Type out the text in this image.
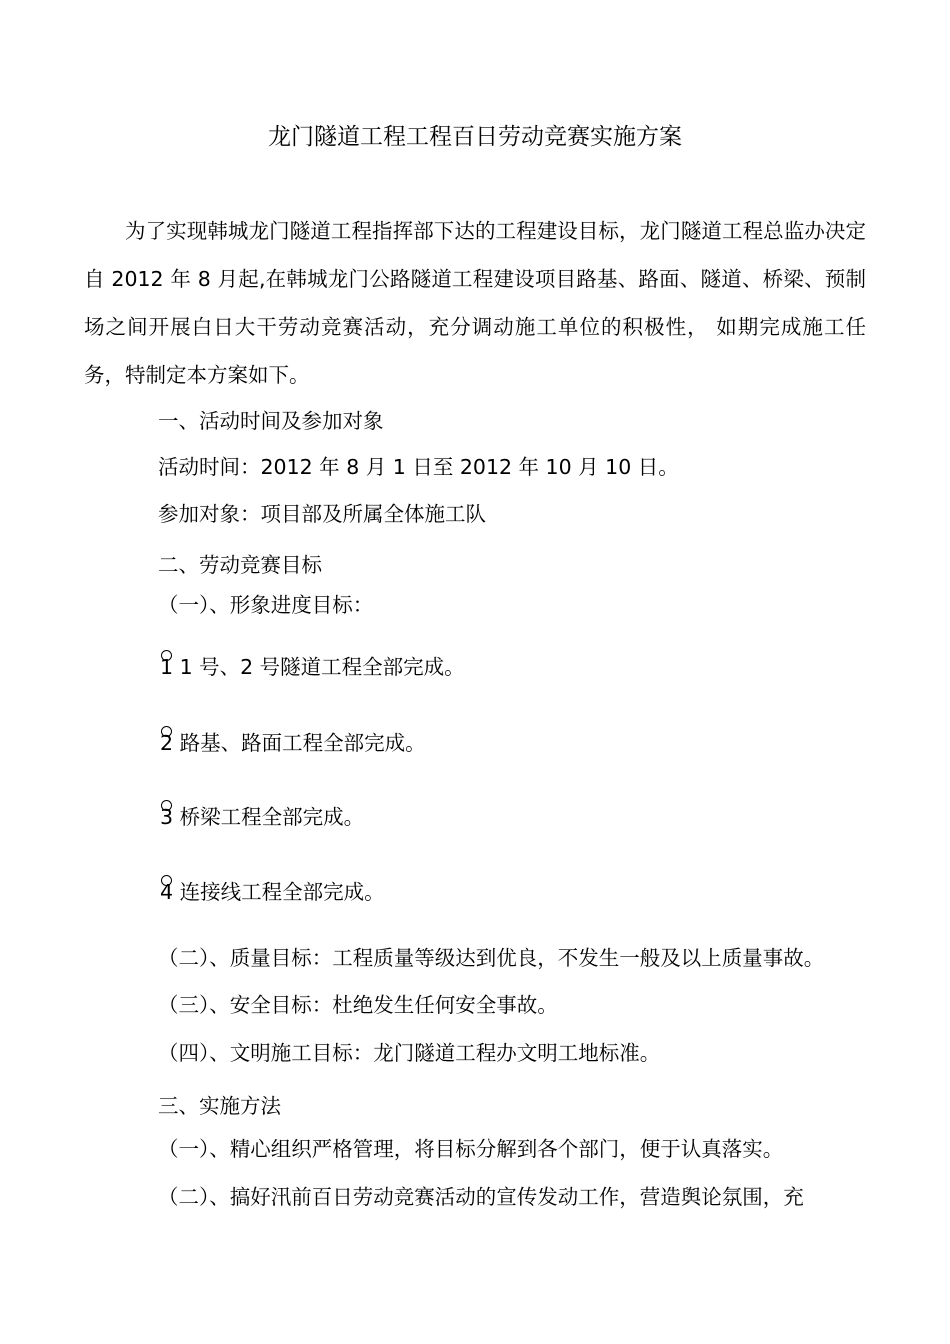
龙门隧道工程工程百日劳动竞赛实施方案

为了实现韩城龙门隧道工程指挥部下达的工程建设目标，龙门隧道工程总监办决定自 2012 年 8 月起,在韩城龙门公路隧道工程建设项目路基、路面、隧道、桥梁、预制场之间开展白日大干劳动竞赛活动，充分调动施工单位的积极性， 如期完成施工任务，特制定本方案如下。

一、活动时间及参加对象
活动时间：2012 年 8 月 1 日至 2012 年 10 月 10 日。
参加对象：项目部及所属全体施工队
二、劳动竞赛目标
（一）、形象进度目标：
1 1 号、2 号隧道工程全部完成。
2 路基、路面工程全部完成。
3 桥梁工程全部完成。
4 连接线工程全部完成。
（二）、质量目标：工程质量等级达到优良，不发生一般及以上质量事故。
（三）、安全目标：杜绝发生任何安全事故。
（四）、文明施工目标：龙门隧道工程办文明工地标准。
三、实施方法
（一）、精心组织严格管理，将目标分解到各个部门，便于认真落实。
（二）、搞好汛前百日劳动竞赛活动的宣传发动工作，营造舆论氛围，充
